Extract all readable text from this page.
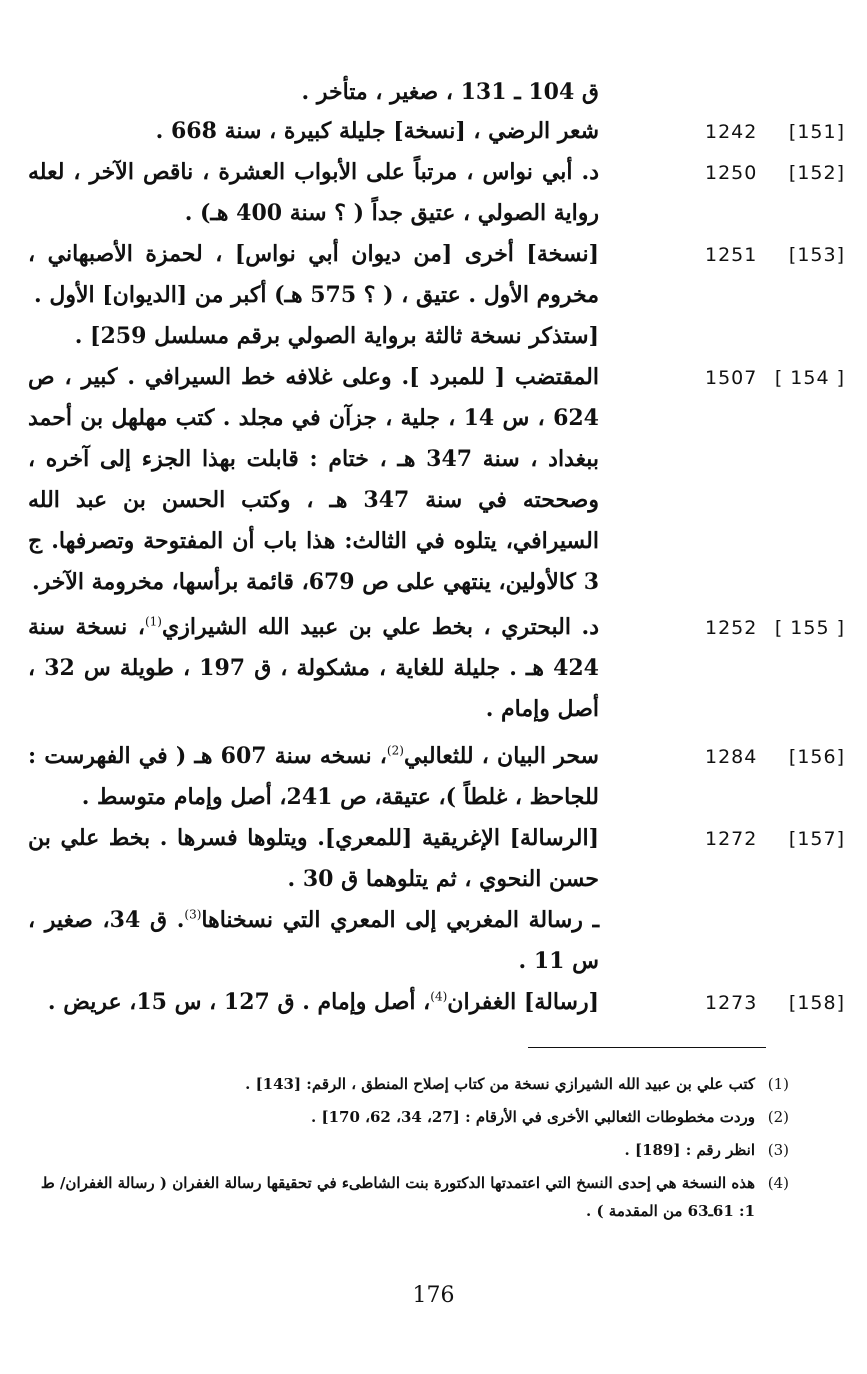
ق 104 ـ 131 ، صغير ، متأخر .

1242 [151]

شعر الرضي ، [نسخة] جليلة كبيرة ، سنة 668 .

1250 [152]

د. أبي نواس ، مرتباً على الأبواب العشرة ، ناقص الآخر ، لعله رواية الصولي ، عتيق جداً ( ؟ سنة 400 هـ) .

1251 [153]

[نسخة] أخرى [من ديوان أبي نواس] ، لحمزة الأصبهاني ، مخروم الأول . عتيق ، ( ؟ 575 هـ) أكبر من [الديوان] الأول .

[ستذكر نسخة ثالثة برواية الصولي برقم مسلسل 259] .

1507 [ 154 ]

المقتضب [ للمبرد ]. وعلى غلافه خط السيرافي . كبير ، ص 624 ، س 14 ، جلية ، جزآن في مجلد . كتب مهلهل بن أحمد ببغداد ، سنة 347 هـ ، ختام : قابلت بهذا الجزء إلى آخره ، وصححته في سنة 347 هـ ، وكتب الحسن بن عبد الله السيرافي، يتلوه في الثالث: هذا باب أن المفتوحة وتصرفها. ج 3 كالأولين، ينتهي على ص 679، قائمة برأسها، مخرومة الآخر.

1252 [ 155 ]

د. البحتري ، بخط علي بن عبيد الله الشيرازي$^{(1)}$، نسخة سنة 424 هـ . جليلة للغاية ، مشكولة ، ق 197 ، طويلة س 32 ، أصل وإمام .

1284 [156]

سحر البيان ، للثعالبي$^{(2)}$، نسخه سنة 607 هـ ( في الفهرست : للجاحظ ، غلطاً )، عتيقة، ص 241، أصل وإمام متوسط .

1272 [157]

[الرسالة] الإغريقية [للمعري]. ويتلوها فسرها . بخط علي بن حسن النحوي ، ثم يتلوهما ق 30 .

ـ رسالة المغربي إلى المعري التي نسخناها$^{(3)}$. ق 34، صغير ، س 11 .

1273 [158]

[رسالة] الغفران$^{(4)}$، أصل وإمام . ق 127 ، س 15، عريض .

(1)
كتب علي بن عبيد الله الشيرازي نسخة من كتاب إصلاح المنطق ، الرقم: [143] .
(2)
وردت مخطوطات الثعالبي الأخرى في الأرقام : [27، 34، 62، 170] .
(3)
انظر رقم : [189] .
(4)
هذه النسخة هي إحدى النسخ التي اعتمدتها الدكتورة بنت الشاطىء في تحقيقها رسالة الغفران ( رسالة الغفران/ ط 1: 61ـ63 من المقدمة ) .
176
